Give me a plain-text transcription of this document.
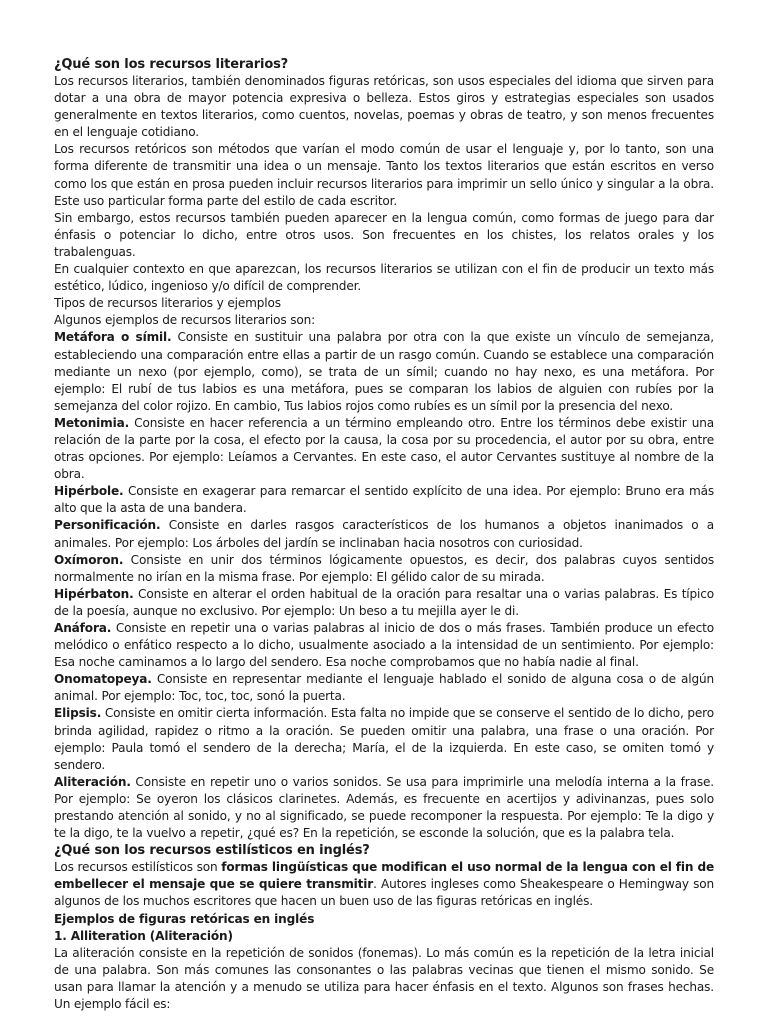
¿Qué son los recursos literarios?

Los recursos literarios, también denominados figuras retóricas, son usos especiales del idioma que sirven para dotar a una obra de mayor potencia expresiva o belleza. Estos giros y estrategias especiales son usados generalmente en textos literarios, como cuentos, novelas, poemas y obras de teatro, y son menos frecuentes en el lenguaje cotidiano.

Los recursos retóricos son métodos que varían el modo común de usar el lenguaje y, por lo tanto, son una forma diferente de transmitir una idea o un mensaje. Tanto los textos literarios que están escritos en verso como los que están en prosa pueden incluir recursos literarios para imprimir un sello único y singular a la obra. Este uso particular forma parte del estilo de cada escritor.

Sin embargo, estos recursos también pueden aparecer en la lengua común, como formas de juego para dar énfasis o potenciar lo dicho, entre otros usos. Son frecuentes en los chistes, los relatos orales y los trabalenguas.

En cualquier contexto en que aparezcan, los recursos literarios se utilizan con el fin de producir un texto más estético, lúdico, ingenioso y/o difícil de comprender.

Tipos de recursos literarios y ejemplos

Algunos ejemplos de recursos literarios son:

Metáfora o símil. Consiste en sustituir una palabra por otra con la que existe un vínculo de semejanza, estableciendo una comparación entre ellas a partir de un rasgo común. Cuando se establece una comparación mediante un nexo (por ejemplo, como), se trata de un símil; cuando no hay nexo, es una metáfora. Por ejemplo: El rubí de tus labios es una metáfora, pues se comparan los labios de alguien con rubíes por la semejanza del color rojizo. En cambio, Tus labios rojos como rubíes es un símil por la presencia del nexo.

Metonimia. Consiste en hacer referencia a un término empleando otro. Entre los términos debe existir una relación de la parte por la cosa, el efecto por la causa, la cosa por su procedencia, el autor por su obra, entre otras opciones. Por ejemplo: Leíamos a Cervantes. En este caso, el autor Cervantes sustituye al nombre de la obra.

Hipérbole. Consiste en exagerar para remarcar el sentido explícito de una idea. Por ejemplo: Bruno era más alto que la asta de una bandera.

Personificación. Consiste en darles rasgos característicos de los humanos a objetos inanimados o a animales. Por ejemplo: Los árboles del jardín se inclinaban hacia nosotros con curiosidad.

Oxímoron. Consiste en unir dos términos lógicamente opuestos, es decir, dos palabras cuyos sentidos normalmente no irían en la misma frase. Por ejemplo: El gélido calor de su mirada.

Hipérbaton. Consiste en alterar el orden habitual de la oración para resaltar una o varias palabras. Es típico de la poesía, aunque no exclusivo. Por ejemplo: Un beso a tu mejilla ayer le di.

Anáfora. Consiste en repetir una o varias palabras al inicio de dos o más frases. También produce un efecto melódico o enfático respecto a lo dicho, usualmente asociado a la intensidad de un sentimiento. Por ejemplo: Esa noche caminamos a lo largo del sendero. Esa noche comprobamos que no había nadie al final.

Onomatopeya. Consiste en representar mediante el lenguaje hablado el sonido de alguna cosa o de algún animal. Por ejemplo: Toc, toc, toc, sonó la puerta.

Elipsis. Consiste en omitir cierta información. Esta falta no impide que se conserve el sentido de lo dicho, pero brinda agilidad, rapidez o ritmo a la oración. Se pueden omitir una palabra, una frase o una oración. Por ejemplo: Paula tomó el sendero de la derecha; María, el de la izquierda. En este caso, se omiten tomó y sendero.

Aliteración. Consiste en repetir uno o varios sonidos. Se usa para imprimirle una melodía interna a la frase. Por ejemplo: Se oyeron los clásicos clarinetes. Además, es frecuente en acertijos y adivinanzas, pues solo prestando atención al sonido, y no al significado, se puede recomponer la respuesta. Por ejemplo: Te la digo y te la digo, te la vuelvo a repetir, ¿qué es? En la repetición, se esconde la solución, que es la palabra tela.

¿Qué son los recursos estilísticos en inglés?

Los recursos estilísticos son formas lingüísticas que modifican el uso normal de la lengua con el fin de embellecer el mensaje que se quiere transmitir. Autores ingleses como Sheakespeare o Hemingway son algunos de los muchos escritores que hacen un buen uso de las figuras retóricas en inglés.

Ejemplos de figuras retóricas en inglés

1. Alliteration (Aliteración)

La aliteración consiste en la repetición de sonidos (fonemas). Lo más común es la repetición de la letra inicial de una palabra. Son más comunes las consonantes o las palabras vecinas que tienen el mismo sonido. Se usan para llamar la atención y a menudo se utiliza para hacer énfasis en el texto. Algunos son frases hechas. Un ejemplo fácil es:
